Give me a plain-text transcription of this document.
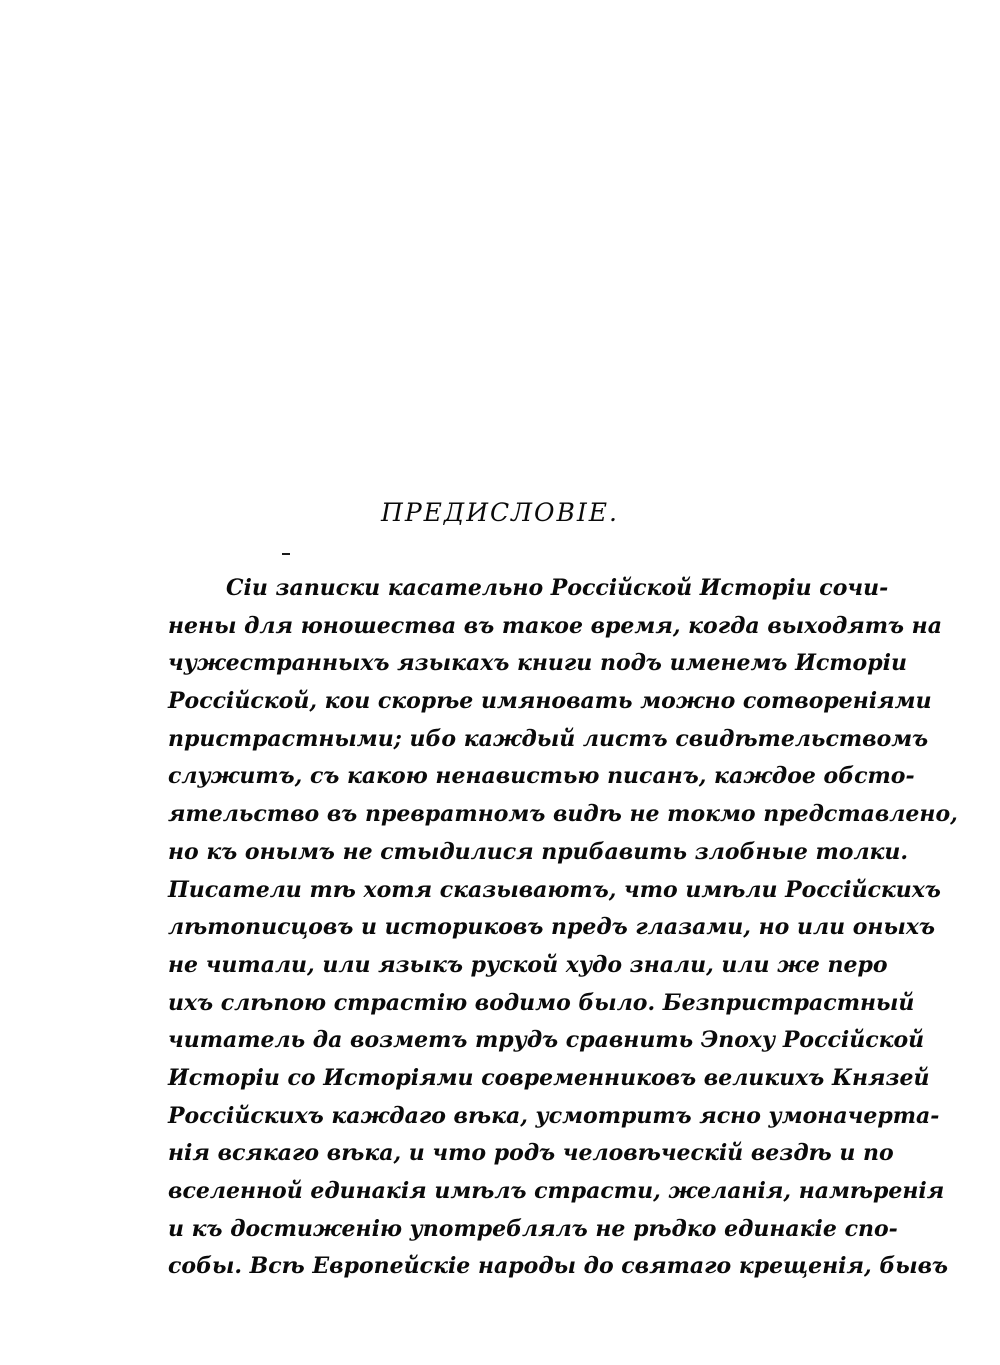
ПРЕДИСЛОВIЕ.
Сiи записки касательно Россiйской Исторiи сочи-
нены для юношества въ такое время, когда выходятъ на
чужестранныхъ языкахъ книги подъ именемъ Исторiи
Россiйской, кои скорѣе имяновать можно сотворенiями
пристрастными; ибо каждый листъ свидѣтельствомъ
служитъ, съ какою ненавистью писанъ, каждое обсто-
ятельство въ превратномъ видѣ не токмо представлено,
но къ онымъ не стыдилися прибавить злобные толки.
Писатели тѣ хотя сказываютъ, что имѣли Россiйскихъ
лѣтописцовъ и историковъ предъ глазами, но или оныхъ
не читали, или языкъ руской худо знали, или же перо
ихъ слѣпою страстiю водимо было. Безпристрастный
читатель да возметъ трудъ сравнить Эпоху Россiйской
Исторiи со Исторiями современниковъ великихъ Князей
Россiйскихъ каждаго вѣка, усмотритъ ясно умоначерта-
нiя всякаго вѣка, и что родъ человѣческiй вездѣ и по
вселенной единакiя имѣлъ страсти, желанiя, намѣренiя
и къ достиженiю употреблялъ не рѣдко единакiе спо-
собы. Всѣ Европейскiе народы до святаго крещенiя, бывъ
